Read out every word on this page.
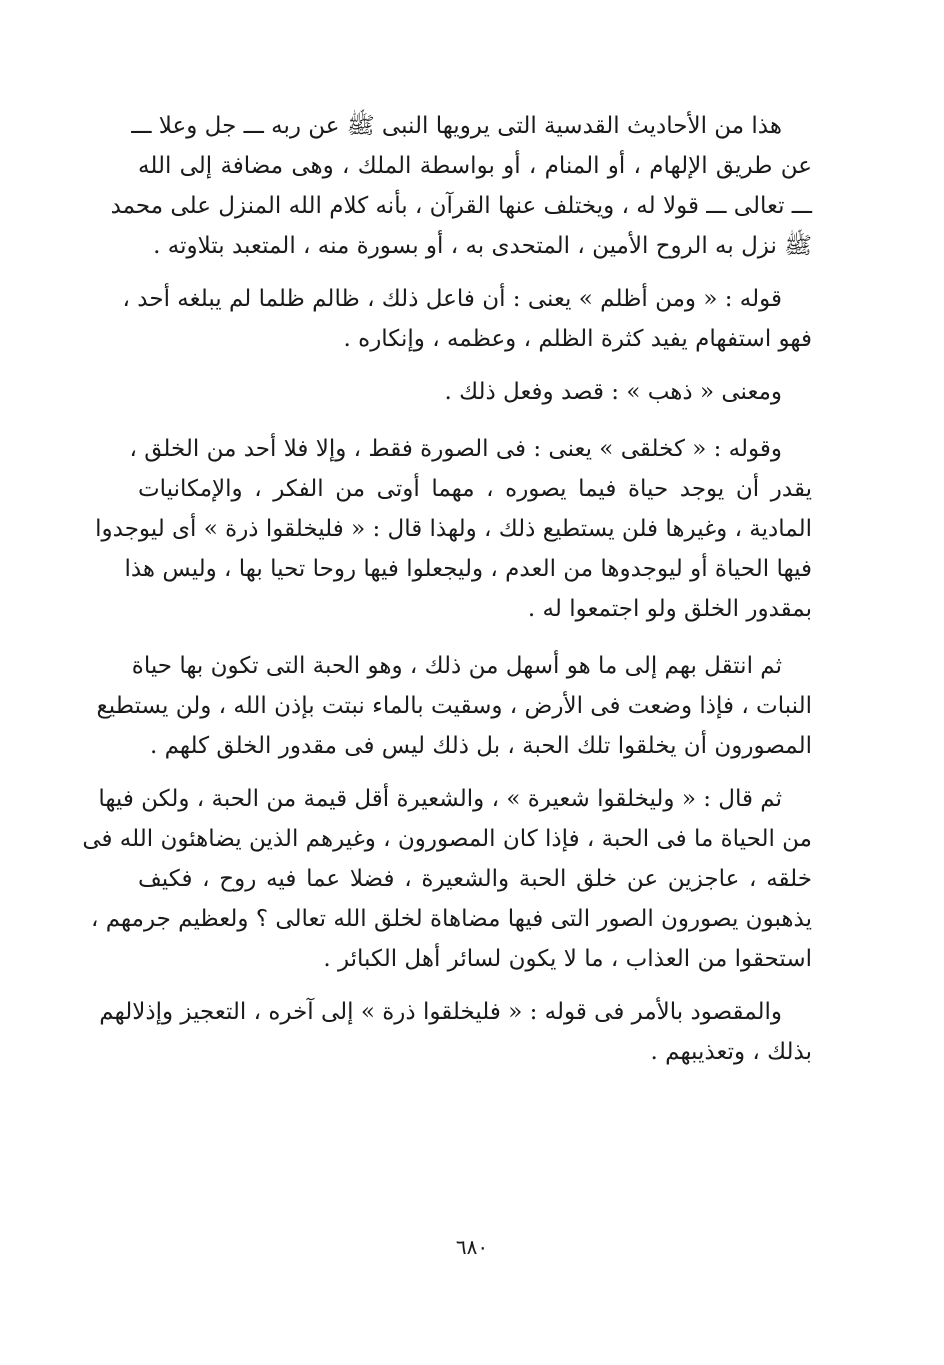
هذا من الأحاديث القدسية التى يرويها النبى ﷺ عن ربه ـــ جل وعلا ـــ
عن طريق الإلهام ، أو المنام ، أو بواسطة الملك ، وهى مضافة إلى الله
ـــ تعالى ـــ قولا له ، ويختلف عنها القرآن ، بأنه كلام الله المنزل على محمد
ﷺ نزل به الروح الأمين ، المتحدى به ، أو بسورة منه ، المتعبد بتلاوته .
قوله : « ومن أظلم » يعنى : أن فاعل ذلك ، ظالم ظلما لم يبلغه أحد ،
فهو استفهام يفيد كثرة الظلم ، وعظمه ، وإنكاره .
ومعنى « ذهب » : قصد وفعل ذلك .
وقوله : « كخلقى » يعنى : فى الصورة فقط ، وإلا فلا أحد من الخلق ،
يقدر أن يوجد حياة فيما يصوره ، مهما أوتى من الفكر ، والإمكانيات
المادية ، وغيرها فلن يستطيع ذلك ، ولهذا قال : « فليخلقوا ذرة » أى ليوجدوا
فيها الحياة أو ليوجدوها من العدم ، وليجعلوا فيها روحا تحيا بها ، وليس هذا
بمقدور الخلق ولو اجتمعوا له .
ثم انتقل بهم إلى ما هو أسهل من ذلك ، وهو الحبة التى تكون بها حياة
النبات ، فإذا وضعت فى الأرض ، وسقيت بالماء نبتت بإذن الله ، ولن يستطيع
المصورون أن يخلقوا تلك الحبة ، بل ذلك ليس فى مقدور الخلق كلهم .
ثم قال : « وليخلقوا شعيرة » ، والشعيرة أقل قيمة من الحبة ، ولكن فيها
من الحياة ما فى الحبة ، فإذا كان المصورون ، وغيرهم الذين يضاهئون الله فى
خلقه ، عاجزين عن خلق الحبة والشعيرة ، فضلا عما فيه روح ، فكيف
يذهبون يصورون الصور التى فيها مضاهاة لخلق الله تعالى ؟ ولعظيم جرمهم ،
استحقوا من العذاب ، ما لا يكون لسائر أهل الكبائر .
والمقصود بالأمر فى قوله : « فليخلقوا ذرة » إلى آخره ، التعجيز وإذلالهم
بذلك ، وتعذيبهم .
٦٨٠
